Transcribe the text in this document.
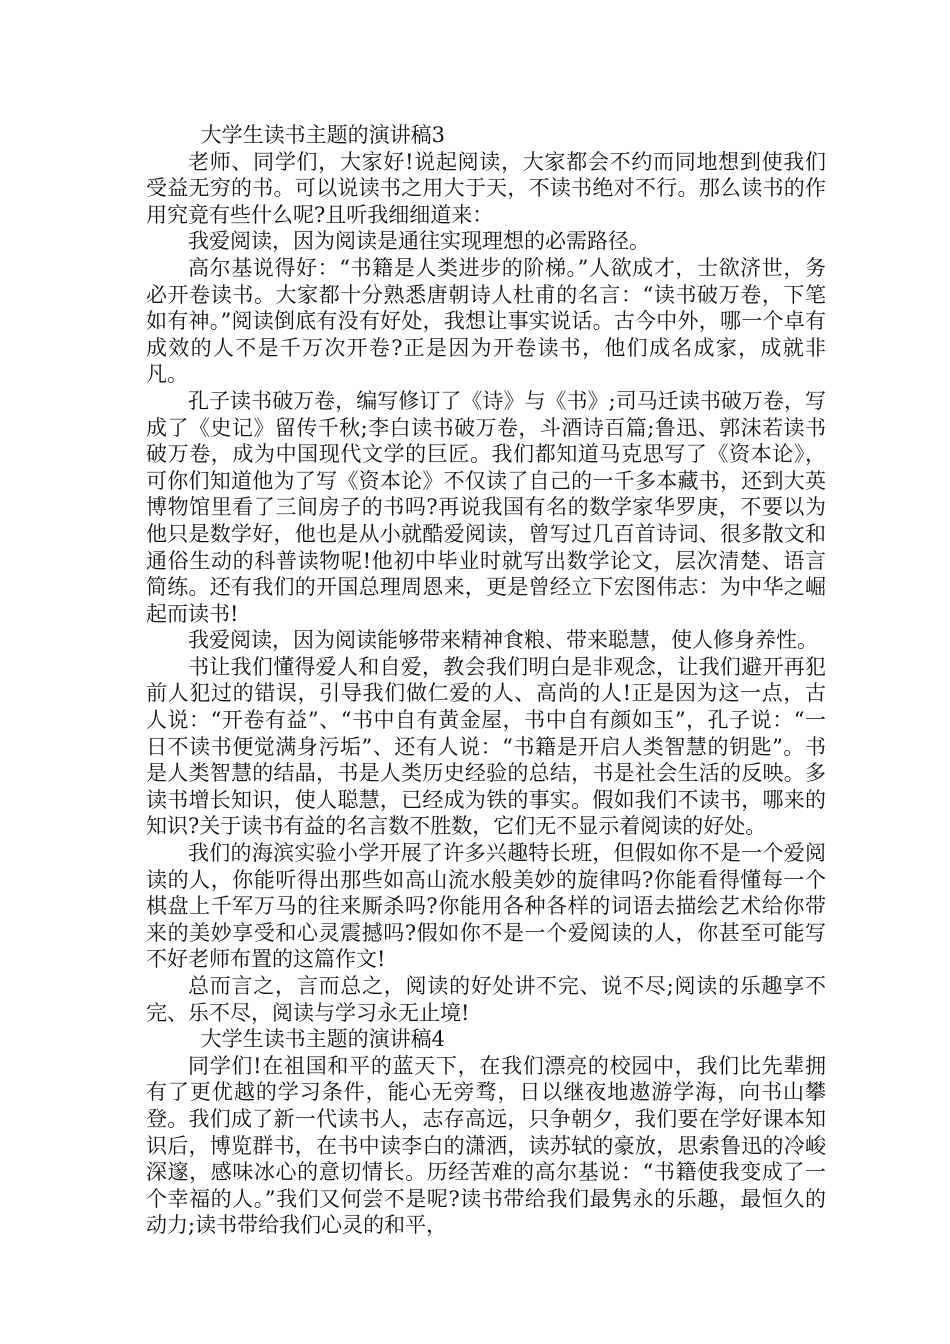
大学生读书主题的演讲稿3

老师、同学们，大家好!说起阅读，大家都会不约而同地想到使我们受益无穷的书。可以说读书之用大于天，不读书绝对不行。那么读书的作用究竟有些什么呢?且听我细细道来：

我爱阅读，因为阅读是通往实现理想的必需路径。

高尔基说得好：“书籍是人类进步的阶梯。”人欲成才，士欲济世，务必开卷读书。大家都十分熟悉唐朝诗人杜甫的名言：“读书破万卷，下笔如有神。”阅读倒底有没有好处，我想让事实说话。古今中外，哪一个卓有成效的人不是千万次开卷?正是因为开卷读书，他们成名成家，成就非凡。

孔子读书破万卷，编写修订了《诗》与《书》;司马迁读书破万卷，写成了《史记》留传千秋;李白读书破万卷，斗酒诗百篇;鲁迅、郭沫若读书破万卷，成为中国现代文学的巨匠。我们都知道马克思写了《资本论》，可你们知道他为了写《资本论》不仅读了自己的一千多本藏书，还到大英博物馆里看了三间房子的书吗?再说我国有名的数学家华罗庚，不要以为他只是数学好，他也是从小就酷爱阅读，曾写过几百首诗词、很多散文和通俗生动的科普读物呢!他初中毕业时就写出数学论文，层次清楚、语言简练。还有我们的开国总理周恩来，更是曾经立下宏图伟志：为中华之崛起而读书!

我爱阅读，因为阅读能够带来精神食粮、带来聪慧，使人修身养性。

书让我们懂得爱人和自爱，教会我们明白是非观念，让我们避开再犯前人犯过的错误，引导我们做仁爱的人、高尚的人!正是因为这一点，古人说：“开卷有益”、“书中自有黄金屋，书中自有颜如玉”，孔子说：“一日不读书便觉满身污垢”、还有人说：“书籍是开启人类智慧的钥匙”。书是人类智慧的结晶，书是人类历史经验的总结，书是社会生活的反映。多读书增长知识，使人聪慧，已经成为铁的事实。假如我们不读书，哪来的知识?关于读书有益的名言数不胜数，它们无不显示着阅读的好处。

我们的海滨实验小学开展了许多兴趣特长班，但假如你不是一个爱阅读的人，你能听得出那些如高山流水般美妙的旋律吗?你能看得懂每一个棋盘上千军万马的往来厮杀吗?你能用各种各样的词语去描绘艺术给你带来的美妙享受和心灵震撼吗?假如你不是一个爱阅读的人，你甚至可能写不好老师布置的这篇作文!

总而言之，言而总之，阅读的好处讲不完、说不尽;阅读的乐趣享不完、乐不尽，阅读与学习永无止境!

大学生读书主题的演讲稿4

同学们!在祖国和平的蓝天下，在我们漂亮的校园中，我们比先辈拥有了更优越的学习条件，能心无旁骛，日以继夜地遨游学海，向书山攀登。我们成了新一代读书人，志存高远，只争朝夕，我们要在学好课本知识后，博览群书，在书中读李白的潇洒，读苏轼的豪放，思索鲁迅的冷峻深邃，感味冰心的意切情长。历经苦难的高尔基说：“书籍使我变成了一个幸福的人。”我们又何尝不是呢?读书带给我们最隽永的乐趣，最恒久的动力;读书带给我们心灵的和平，
